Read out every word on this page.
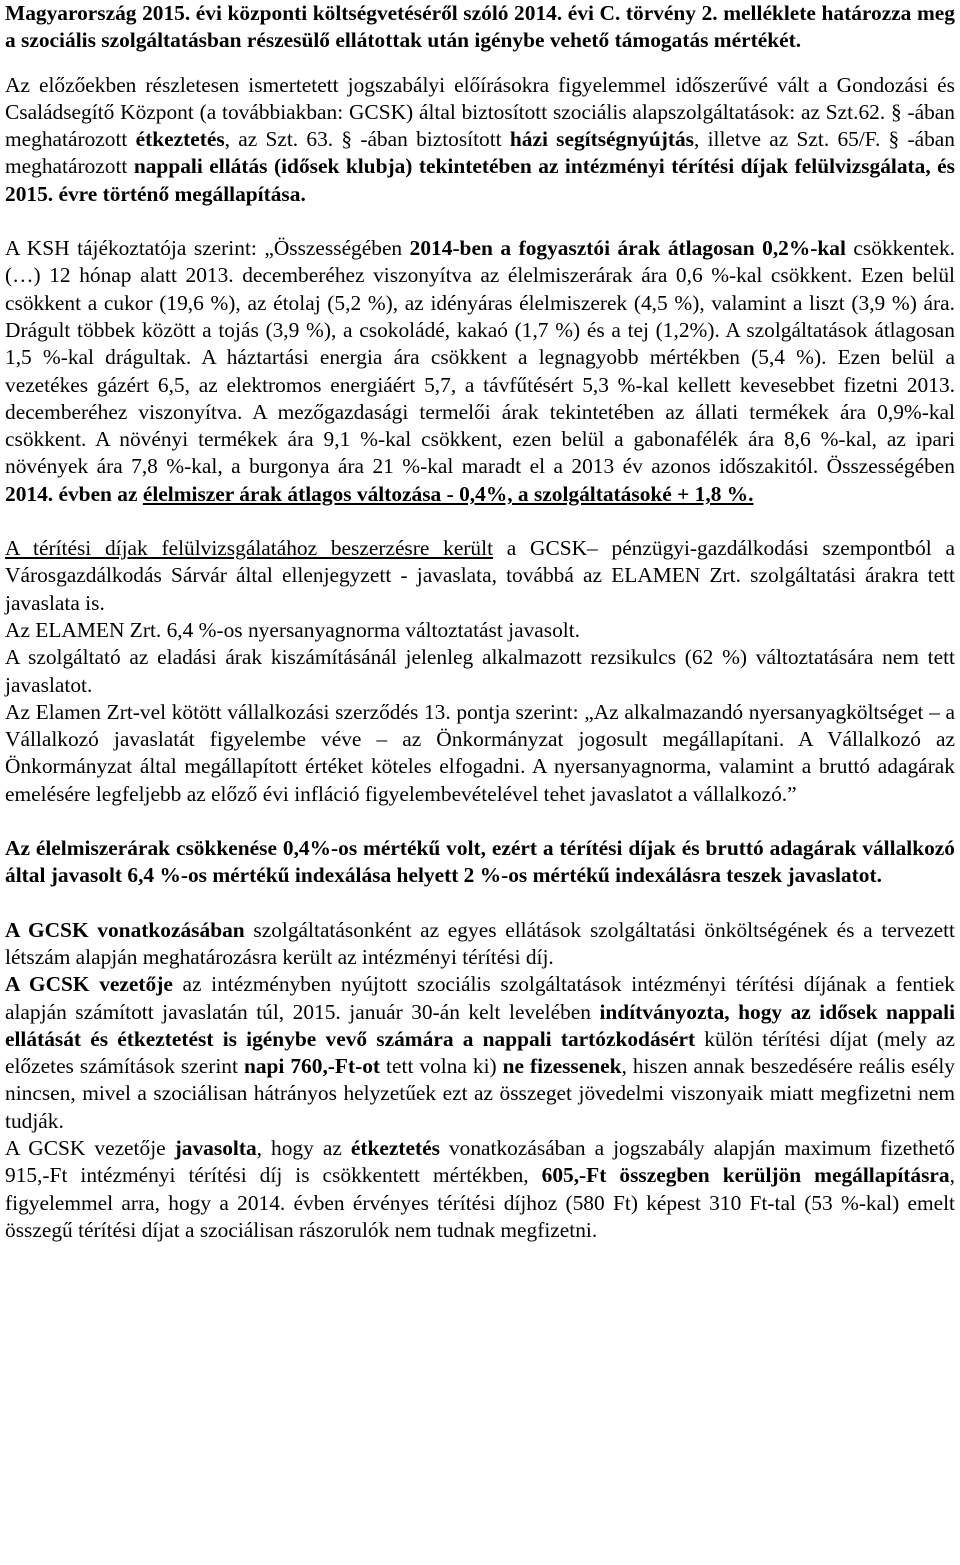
Magyarország 2015. évi központi költségvetéséről szóló 2014. évi C. törvény 2. melléklete határozza meg a szociális szolgáltatásban részesülő ellátottak után igénybe vehető támogatás mértékét.

Az előzőekben részletesen ismertetett jogszabályi előírásokra figyelemmel időszerűvé vált a Gondozási és Családsegítő Központ (a továbbiakban: GCSK) által biztosított szociális alapszolgáltatások: az Szt.62. § -ában meghatározott étkeztetés, az Szt. 63. § -ában biztosított házi segítségnyújtás, illetve az Szt. 65/F. § -ában meghatározott nappali ellátás (idősek klubja) tekintetében az intézményi térítési díjak felülvizsgálata, és 2015. évre történő megállapítása.

A KSH tájékoztatója szerint: „Összességében 2014-ben a fogyasztói árak átlagosan 0,2%-kal csökkentek. (…) 12 hónap alatt 2013. decemberéhez viszonyítva az élelmiszerárak ára 0,6 %-kal csökkent. Ezen belül csökkent a cukor (19,6 %), az étolaj (5,2 %), az idényáras élelmiszerek (4,5 %), valamint a liszt (3,9 %) ára. Drágult többek között a tojás (3,9 %), a csokoládé, kakaó (1,7 %) és a tej (1,2%). A szolgáltatások átlagosan 1,5 %-kal drágultak. A háztartási energia ára csökkent a legnagyobb mértékben (5,4 %). Ezen belül a vezetékes gázért 6,5, az elektromos energiáért 5,7, a távfűtésért 5,3 %-kal kellett kevesebbet fizetni 2013. decemberéhez viszonyítva. A mezőgazdasági termelői árak tekintetében az állati termékek ára 0,9%-kal csökkent. A növényi termékek ára 9,1 %-kal csökkent, ezen belül a gabonafélék ára 8,6 %-kal, az ipari növények ára 7,8 %-kal, a burgonya ára 21 %-kal maradt el a 2013 év azonos időszakitól. Összességében 2014. évben az élelmiszer árak átlagos változása - 0,4%, a szolgáltatásoké + 1,8 %.

A térítési díjak felülvizsgálatához beszerzésre került a GCSK– pénzügyi-gazdálkodási szempontból a Városgazdálkodás Sárvár által ellenjegyzett - javaslata, továbbá az ELAMEN Zrt. szolgáltatási árakra tett javaslata is.

Az ELAMEN Zrt. 6,4 %-os nyersanyagnorma változtatást javasolt.

A szolgáltató az eladási árak kiszámításánál jelenleg alkalmazott rezsikulcs (62 %) változtatására nem tett javaslatot.

Az Elamen Zrt-vel kötött vállalkozási szerződés 13. pontja szerint: „Az alkalmazandó nyersanyagköltséget – a Vállalkozó javaslatát figyelembe véve – az Önkormányzat jogosult megállapítani. A Vállalkozó az Önkormányzat által megállapított értéket köteles elfogadni. A nyersanyagnorma, valamint a bruttó adagárak emelésére legfeljebb az előző évi infláció figyelembevételével tehet javaslatot a vállalkozó.”

Az élelmiszerárak csökkenése 0,4%-os mértékű volt, ezért a térítési díjak és bruttó adagárak vállalkozó által javasolt 6,4 %-os mértékű indexálása helyett 2 %-os mértékű indexálásra teszek javaslatot.

A GCSK vonatkozásában szolgáltatásonként az egyes ellátások szolgáltatási önköltségének és a tervezett létszám alapján meghatározásra került az intézményi térítési díj.

A GCSK vezetője az intézményben nyújtott szociális szolgáltatások intézményi térítési díjának a fentiek alapján számított javaslatán túl, 2015. január 30-án kelt levelében indítványozta, hogy az idősek nappali ellátását és étkeztetést is igénybe vevő számára a nappali tartózkodásért külön térítési díjat (mely az előzetes számítások szerint napi 760,-Ft-ot tett volna ki) ne fizessenek, hiszen annak beszedésére reális esély nincsen, mivel a szociálisan hátrányos helyzetűek ezt az összeget jövedelmi viszonyaik miatt megfizetni nem tudják.

A GCSK vezetője javasolta, hogy az étkeztetés vonatkozásában a jogszabály alapján maximum fizethető 915,-Ft intézményi térítési díj is csökkentett mértékben, 605,-Ft összegben kerüljön megállapításra, figyelemmel arra, hogy a 2014. évben érvényes térítési díjhoz (580 Ft) képest 310 Ft-tal (53 %-kal) emelt összegű térítési díjat a szociálisan rászorulók nem tudnak megfizetni.
